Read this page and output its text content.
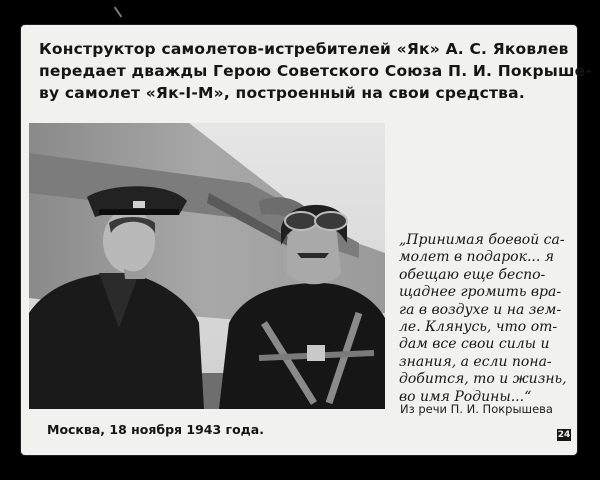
Конструктор самолетов-истребителей «Як» А. С. Яковлев
передает дважды Герою Советского Союза П. И. Покрыше-
ву самолет «Як-І-М», построенный на свои средства.
„Принимая боевой са-
молет в подарок... я
обещаю еще беспо-
щаднее громить вра-
га в воздухе и на зем-
ле. Клянусь, что от-
дам все свои силы и
знания, а если пона-
добится, то и жизнь,
во имя Родины...“
Из речи П. И. Покрышева
Москва, 18 ноября 1943 года.	24
